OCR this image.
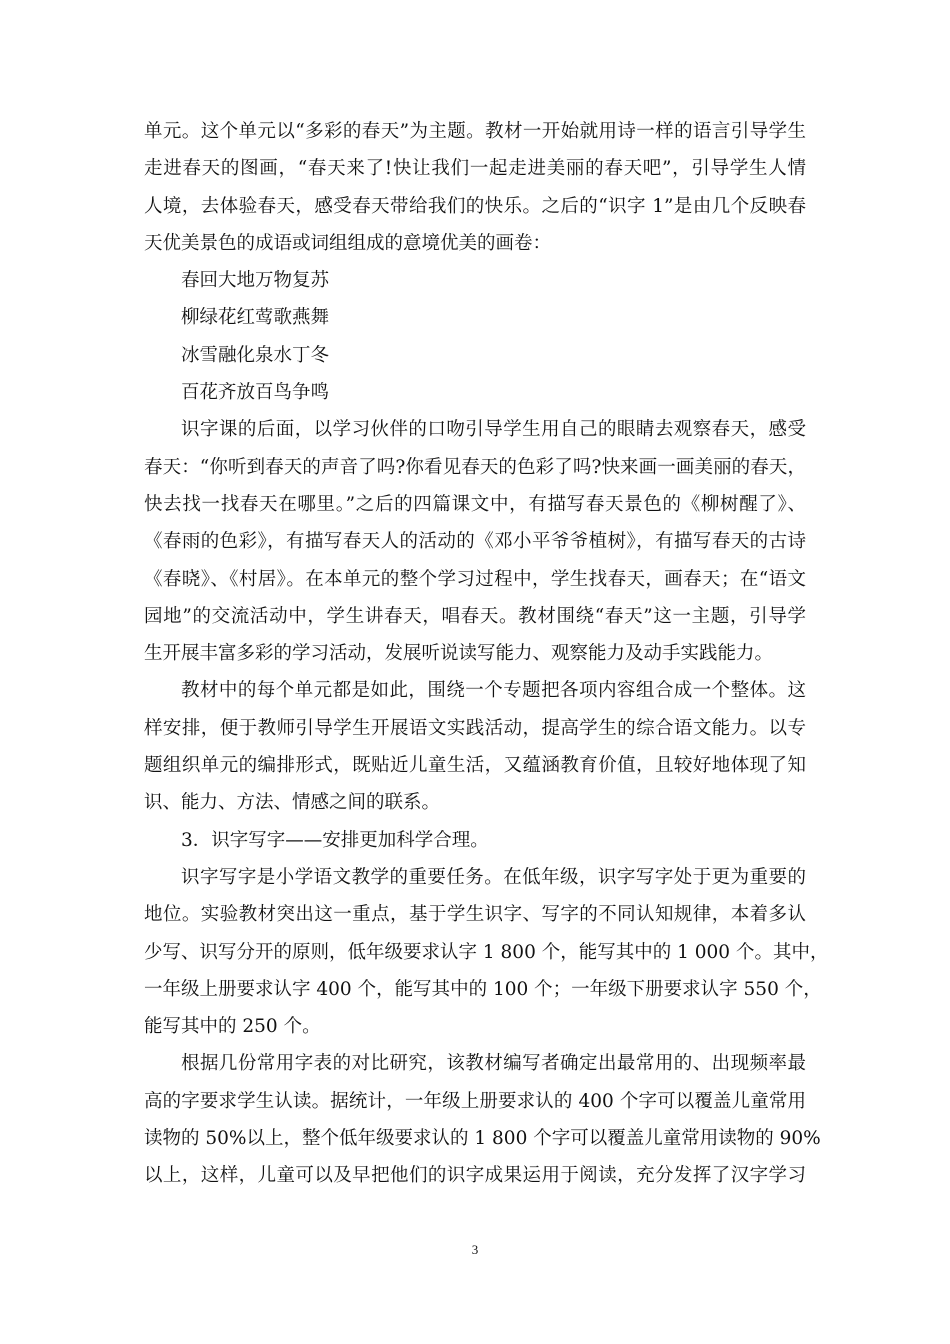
单元。这个单元以“多彩的春天”为主题。教材一开始就用诗一样的语言引导学生
走进春天的图画，“春天来了!快让我们一起走进美丽的春天吧”，引导学生人情
人境，去体验春天，感受春天带给我们的快乐。之后的“识字 1”是由几个反映春
天优美景色的成语或词组组成的意境优美的画卷：
春回大地万物复苏
柳绿花红莺歌燕舞
冰雪融化泉水丁冬
百花齐放百鸟争鸣
识字课的后面，以学习伙伴的口吻引导学生用自己的眼睛去观察春天，感受
春天：“你听到春天的声音了吗?你看见春天的色彩了吗?快来画一画美丽的春天，
快去找一找春天在哪里。”之后的四篇课文中，有描写春天景色的《柳树醒了》、
《春雨的色彩》，有描写春天人的活动的《邓小平爷爷植树》，有描写春天的古诗
《春晓》、《村居》。在本单元的整个学习过程中，学生找春天，画春天；在“语文
园地”的交流活动中，学生讲春天，唱春天。教材围绕“春天”这一主题，引导学
生开展丰富多彩的学习活动，发展听说读写能力、观察能力及动手实践能力。
教材中的每个单元都是如此，围绕一个专题把各项内容组合成一个整体。这
样安排，便于教师引导学生开展语文实践活动，提高学生的综合语文能力。以专
题组织单元的编排形式，既贴近儿童生活，又蕴涵教育价值，且较好地体现了知
识、能力、方法、情感之间的联系。
3．识字写字——安排更加科学合理。
识字写字是小学语文教学的重要任务。在低年级，识字写字处于更为重要的
地位。实验教材突出这一重点，基于学生识字、写字的不同认知规律，本着多认
少写、识写分开的原则，低年级要求认字 1 800 个，能写其中的 1 000 个。其中，
一年级上册要求认字 400 个，能写其中的 100 个；一年级下册要求认字 550 个，
能写其中的 250 个。
根据几份常用字表的对比研究，该教材编写者确定出最常用的、出现频率最
高的字要求学生认读。据统计，一年级上册要求认的 400 个字可以覆盖儿童常用
读物的 50%以上，整个低年级要求认的 1 800 个字可以覆盖儿童常用读物的 90%
以上，这样，儿童可以及早把他们的识字成果运用于阅读，充分发挥了汉字学习
3
